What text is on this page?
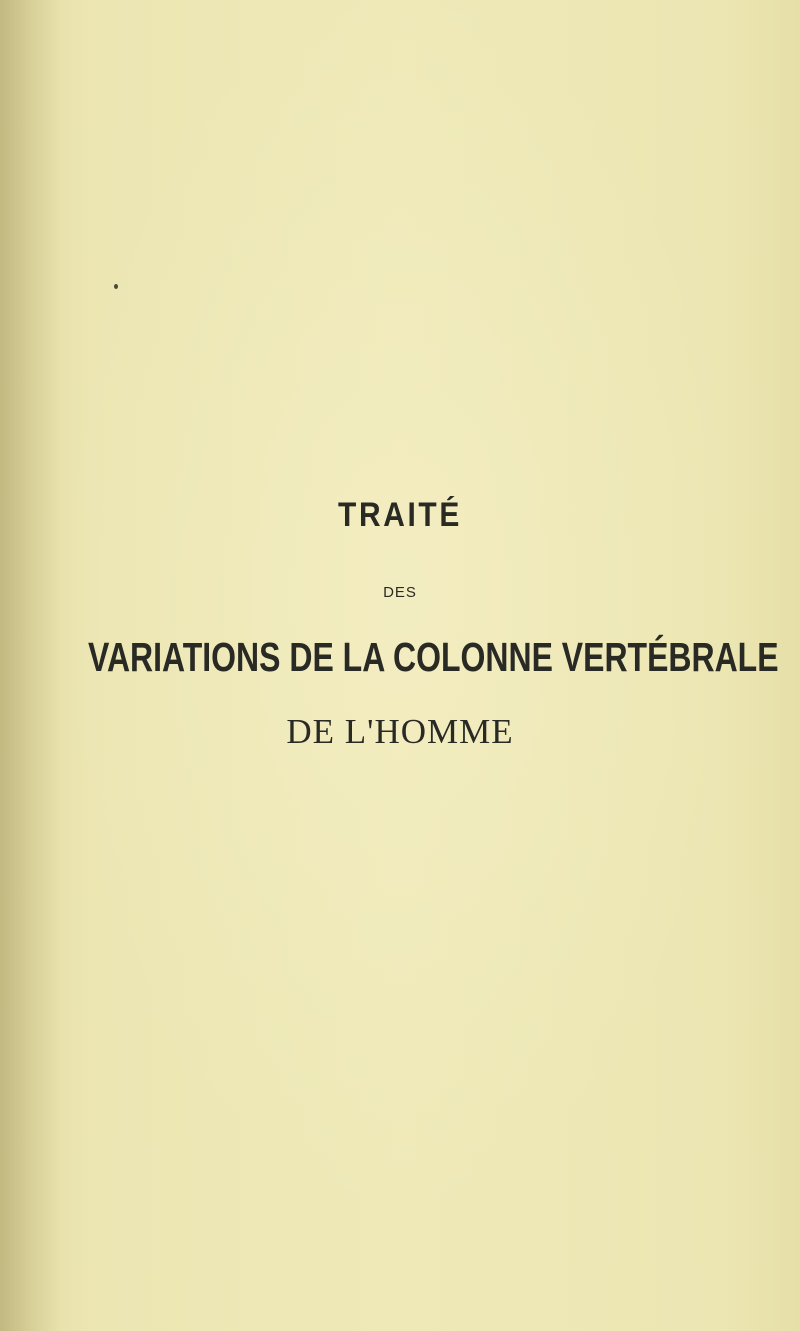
TRAITÉ
DES
VARIATIONS DE LA COLONNE VERTÉBRALE
DE L'HOMME
